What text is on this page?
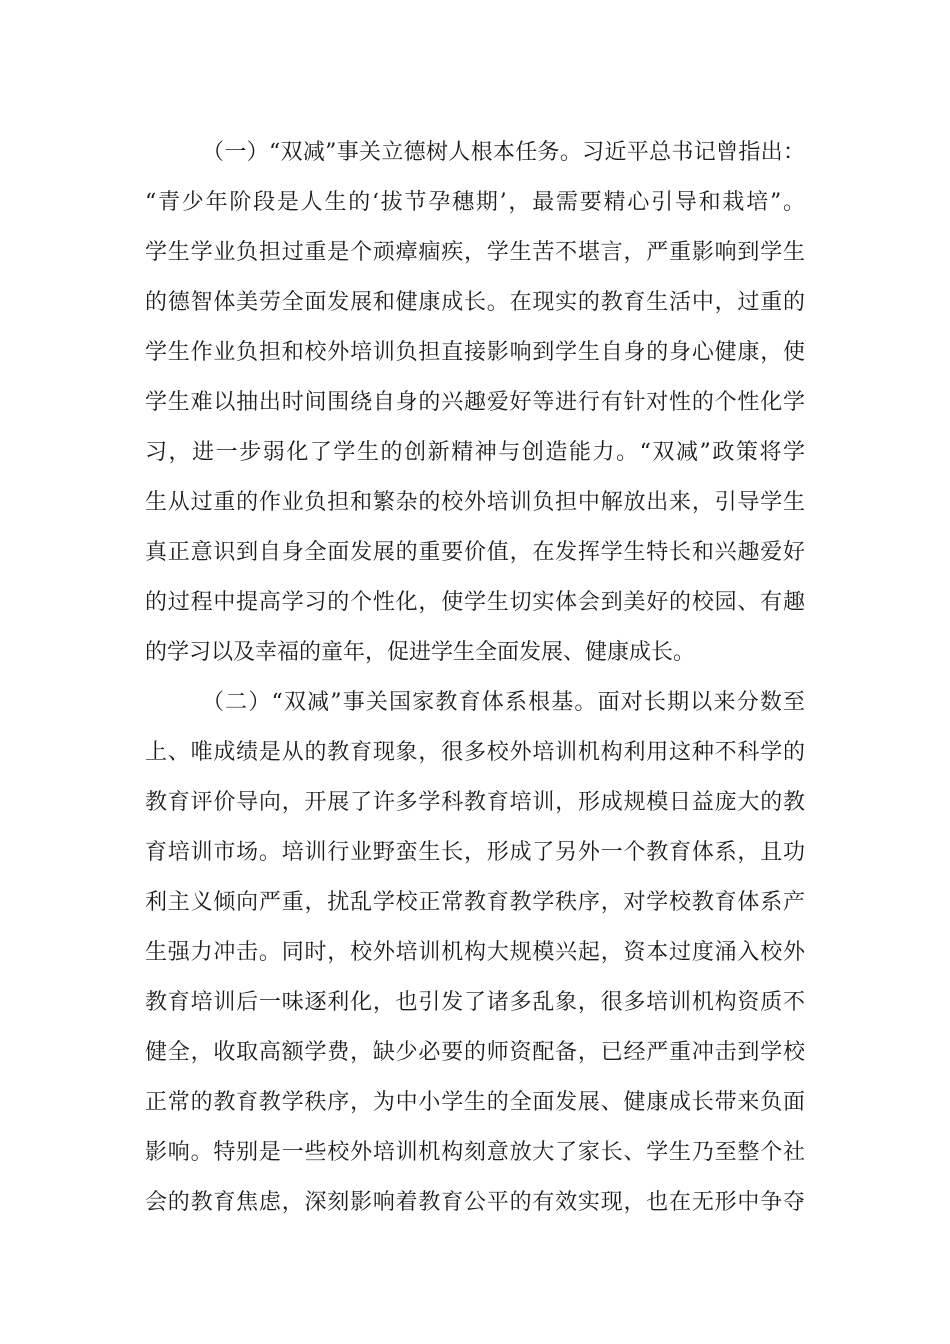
（一）“双减”事关立德树人根本任务。习近平总书记曾指出：
“青少年阶段是人生的‘拔节孕穗期’，最需要精心引导和栽培”。
学生学业负担过重是个顽瘴痼疾，学生苦不堪言，严重影响到学生
的德智体美劳全面发展和健康成长。在现实的教育生活中，过重的
学生作业负担和校外培训负担直接影响到学生自身的身心健康，使
学生难以抽出时间围绕自身的兴趣爱好等进行有针对性的个性化学
习，进一步弱化了学生的创新精神与创造能力。“双减”政策将学
生从过重的作业负担和繁杂的校外培训负担中解放出来，引导学生
真正意识到自身全面发展的重要价值，在发挥学生特长和兴趣爱好
的过程中提高学习的个性化，使学生切实体会到美好的校园、有趣
的学习以及幸福的童年，促进学生全面发展、健康成长。
（二）“双减”事关国家教育体系根基。面对长期以来分数至
上、唯成绩是从的教育现象，很多校外培训机构利用这种不科学的
教育评价导向，开展了许多学科教育培训，形成规模日益庞大的教
育培训市场。培训行业野蛮生长，形成了另外一个教育体系，且功
利主义倾向严重，扰乱学校正常教育教学秩序，对学校教育体系产
生强力冲击。同时，校外培训机构大规模兴起，资本过度涌入校外
教育培训后一味逐利化，也引发了诸多乱象，很多培训机构资质不
健全，收取高额学费，缺少必要的师资配备，已经严重冲击到学校
正常的教育教学秩序，为中小学生的全面发展、健康成长带来负面
影响。特别是一些校外培训机构刻意放大了家长、学生乃至整个社
会的教育焦虑，深刻影响着教育公平的有效实现，也在无形中争夺
